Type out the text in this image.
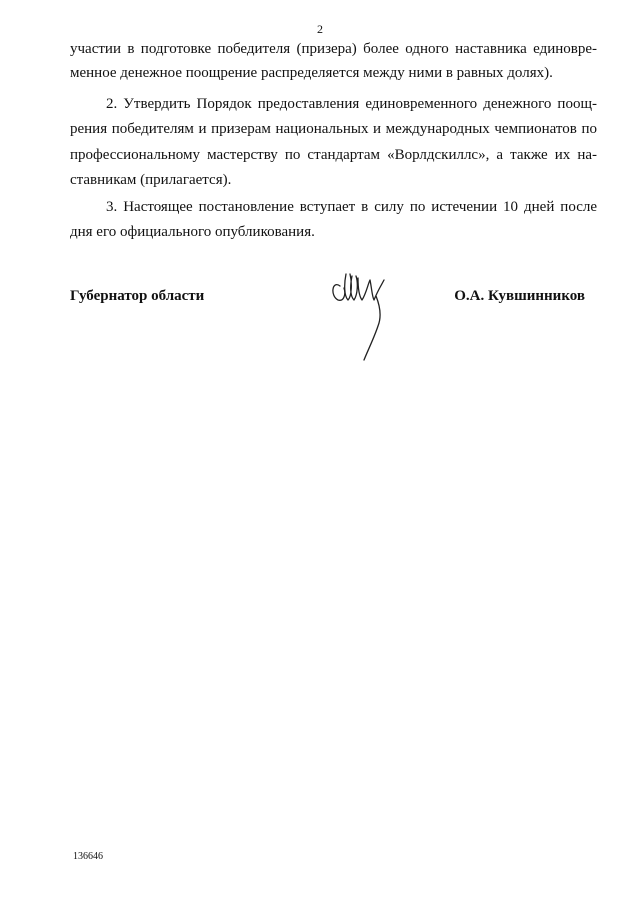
2
участии в подготовке победителя (призера) более одного наставника единовре-
менное денежное поощрение распределяется между ними в равных долях).
2. Утвердить Порядок предоставления единовременного денежного поощ-
рения победителям и призерам национальных и международных чемпионатов по
профессиональному мастерству по стандартам «Ворлдскиллс», а также их на-
ставникам (прилагается).
3. Настоящее постановление вступает в силу по истечении 10 дней после
дня его официального опубликования.
Губернатор области	О.А. Кувшинников
136646
